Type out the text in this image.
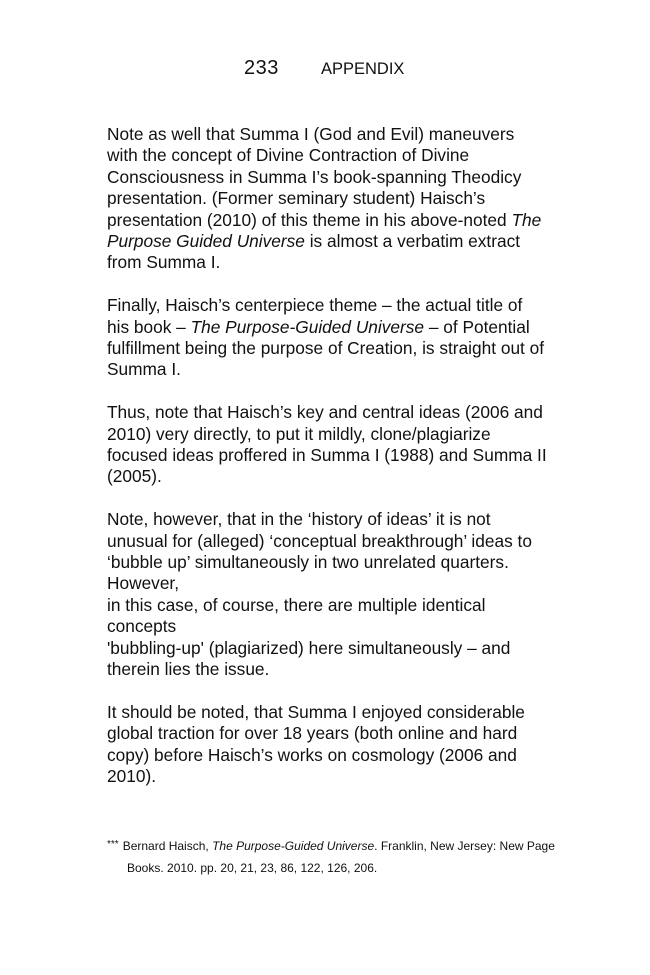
233	APPENDIX

Note as well that Summa I (God and Evil) maneuvers
with the concept of Divine Contraction of Divine
Consciousness in Summa I’s book-spanning Theodicy
presentation. (Former seminary student) Haisch’s
presentation (2010) of this theme in his above-noted The
Purpose Guided Universe is almost a verbatim extract
from Summa I.

Finally, Haisch’s centerpiece theme – the actual title of
his book – The Purpose-Guided Universe – of Potential
fulfillment being the purpose of Creation, is straight out of
Summa I.

Thus, note that Haisch’s key and central ideas (2006 and
2010) very directly, to put it mildly, clone/plagiarize
focused ideas proffered in Summa I (1988) and Summa II
(2005).

Note, however, that in the ‘history of ideas’ it is not
unusual for (alleged) ‘conceptual breakthrough’ ideas to
‘bubble up’ simultaneously in two unrelated quarters.
However,
in this case, of course, there are multiple identical
concepts
'bubbling-up' (plagiarized) here simultaneously – and
therein lies the issue.

It should be noted, that Summa I enjoyed considerable
global traction for over 18 years (both online and hard
copy) before Haisch’s works on cosmology (2006 and
2010).

*** Bernard Haisch, The Purpose-Guided Universe. Franklin, New Jersey: New Page
Books. 2010. pp. 20, 21, 23, 86, 122, 126, 206.
